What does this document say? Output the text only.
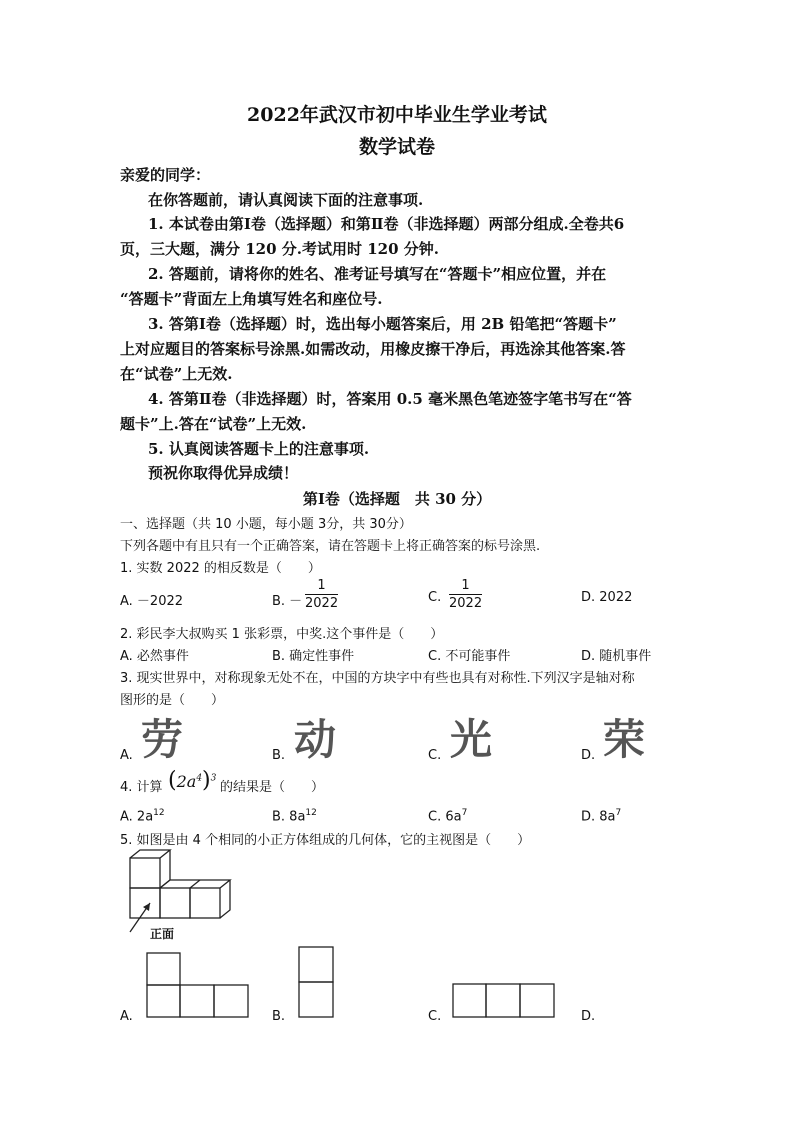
2022年武汉市初中毕业生学业考试
数学试卷
亲爱的同学：
在你答题前，请认真阅读下面的注意事项.
1. 本试卷由第Ⅰ卷（选择题）和第Ⅱ卷（非选择题）两部分组成.全卷共6
页，三大题，满分 120 分.考试用时 120 分钟.
2. 答题前，请将你的姓名、准考证号填写在“答题卡”相应位置，并在
“答题卡”背面左上角填写姓名和座位号.
3. 答第Ⅰ卷（选择题）时，选出每小题答案后，用 2B 铅笔把“答题卡”
上对应题目的答案标号涂黑.如需改动，用橡皮擦干净后，再选涂其他答案.答
在“试卷”上无效.
4. 答第Ⅱ卷（非选择题）时，答案用 0.5 毫米黑色笔迹签字笔书写在“答
题卡”上.答在“试卷”上无效.
5. 认真阅读答题卡上的注意事项.
预祝你取得优异成绩！
第Ⅰ卷（选择题　共 30 分）
一、选择题（共 10 小题，每小题 3分，共 30分）
下列各题中有且只有一个正确答案，请在答题卡上将正确答案的标号涂黑.
1. 实数 2022 的相反数是（　　）
A. －2022	B. － $\frac{1}{2022}$	C. $\frac{1}{2022}$	D. 2022
2. 彩民李大叔购买 1 张彩票，中奖.这个事件是（　　）
A. 必然事件	B. 确定性事件	C. 不可能事件	D. 随机事件
3. 现实世界中，对称现象无处不在，中国的方块字中有些也具有对称性.下列汉字是轴对称
图形的是（　　）
劳	动	光	荣
A.	B.	C.	D.
4. 计算 $(2a^4)^3$
的结果是（　　）
A. $2a^{12}$	B. $8a^{12}$	C. $6a^7$	D. $8a^7$
5. 如图是由 4 个相同的小正方体组成的几何体，它的主视图是（　　）
正面
A.	B.	C.	D.
